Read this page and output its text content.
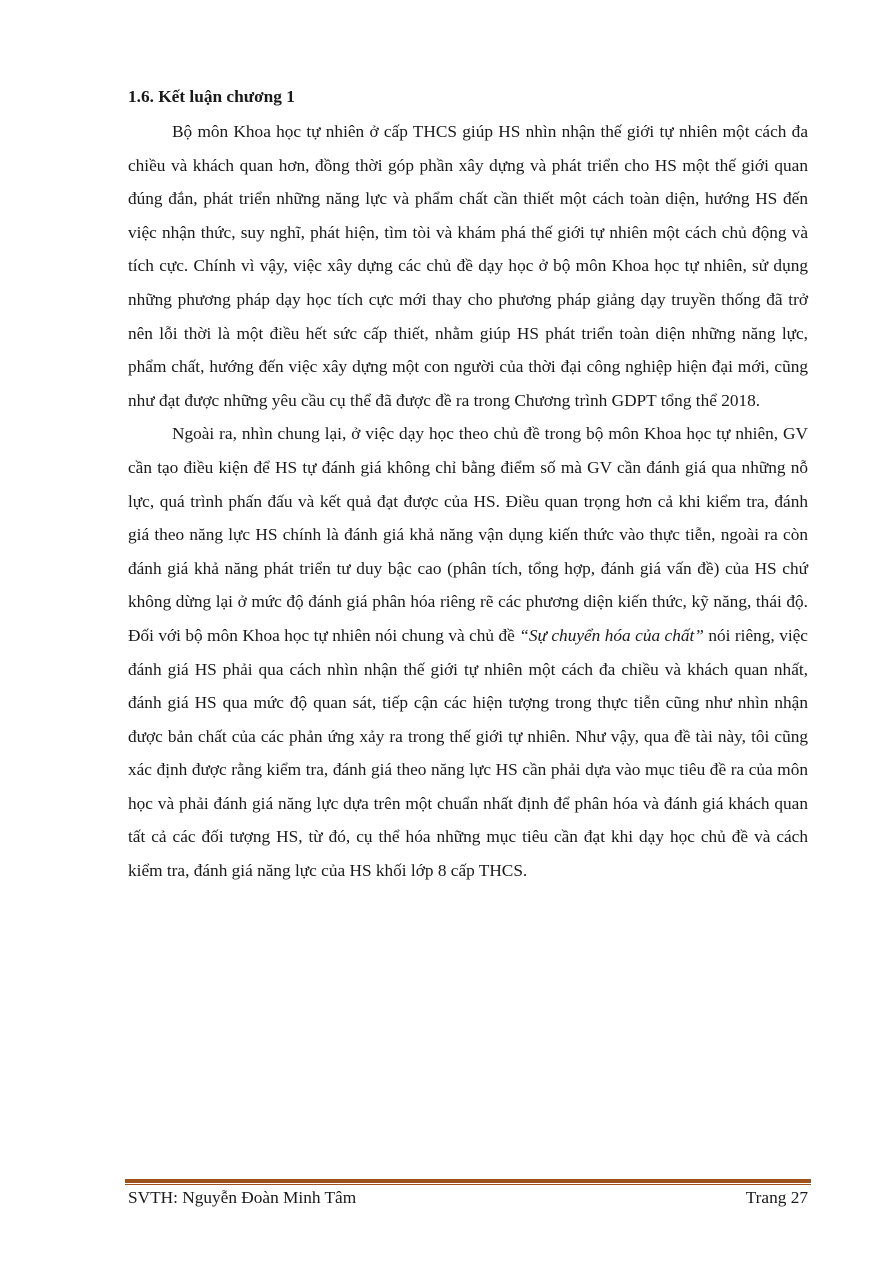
1.6. Kết luận chương 1

Bộ môn Khoa học tự nhiên ở cấp THCS giúp HS nhìn nhận thế giới tự nhiên một cách đa chiều và khách quan hơn, đồng thời góp phần xây dựng và phát triển cho HS một thế giới quan đúng đắn, phát triển những năng lực và phẩm chất cần thiết một cách toàn diện, hướng HS đến việc nhận thức, suy nghĩ, phát hiện, tìm tòi và khám phá thế giới tự nhiên một cách chủ động và tích cực. Chính vì vậy, việc xây dựng các chủ đề dạy học ở bộ môn Khoa học tự nhiên, sử dụng những phương pháp dạy học tích cực mới thay cho phương pháp giảng dạy truyền thống đã trở nên lỗi thời là một điều hết sức cấp thiết, nhằm giúp HS phát triển toàn diện những năng lực, phẩm chất, hướng đến việc xây dựng một con người của thời đại công nghiệp hiện đại mới, cũng như đạt được những yêu cầu cụ thể đã được đề ra trong Chương trình GDPT tổng thể 2018.

Ngoài ra, nhìn chung lại, ở việc dạy học theo chủ đề trong bộ môn Khoa học tự nhiên, GV cần tạo điều kiện để HS tự đánh giá không chỉ bằng điểm số mà GV cần đánh giá qua những nỗ lực, quá trình phấn đấu và kết quả đạt được của HS. Điều quan trọng hơn cả khi kiểm tra, đánh giá theo năng lực HS chính là đánh giá khả năng vận dụng kiến thức vào thực tiễn, ngoài ra còn đánh giá khả năng phát triển tư duy bậc cao (phân tích, tổng hợp, đánh giá vấn đề) của HS chứ không dừng lại ở mức độ đánh giá phân hóa riêng rẽ các phương diện kiến thức, kỹ năng, thái độ. Đối với bộ môn Khoa học tự nhiên nói chung và chủ đề “Sự chuyển hóa của chất” nói riêng, việc đánh giá HS phải qua cách nhìn nhận thế giới tự nhiên một cách đa chiều và khách quan nhất, đánh giá HS qua mức độ quan sát, tiếp cận các hiện tượng trong thực tiễn cũng như nhìn nhận được bản chất của các phản ứng xảy ra trong thế giới tự nhiên. Như vậy, qua đề tài này, tôi cũng xác định được rằng kiểm tra, đánh giá theo năng lực HS cần phải dựa vào mục tiêu đề ra của môn học và phải đánh giá năng lực dựa trên một chuẩn nhất định để phân hóa và đánh giá khách quan tất cả các đối tượng HS, từ đó, cụ thể hóa những mục tiêu cần đạt khi dạy học chủ đề và cách kiểm tra, đánh giá năng lực của HS khối lớp 8 cấp THCS.

SVTH: Nguyễn Đoàn Minh Tâm	Trang 27
